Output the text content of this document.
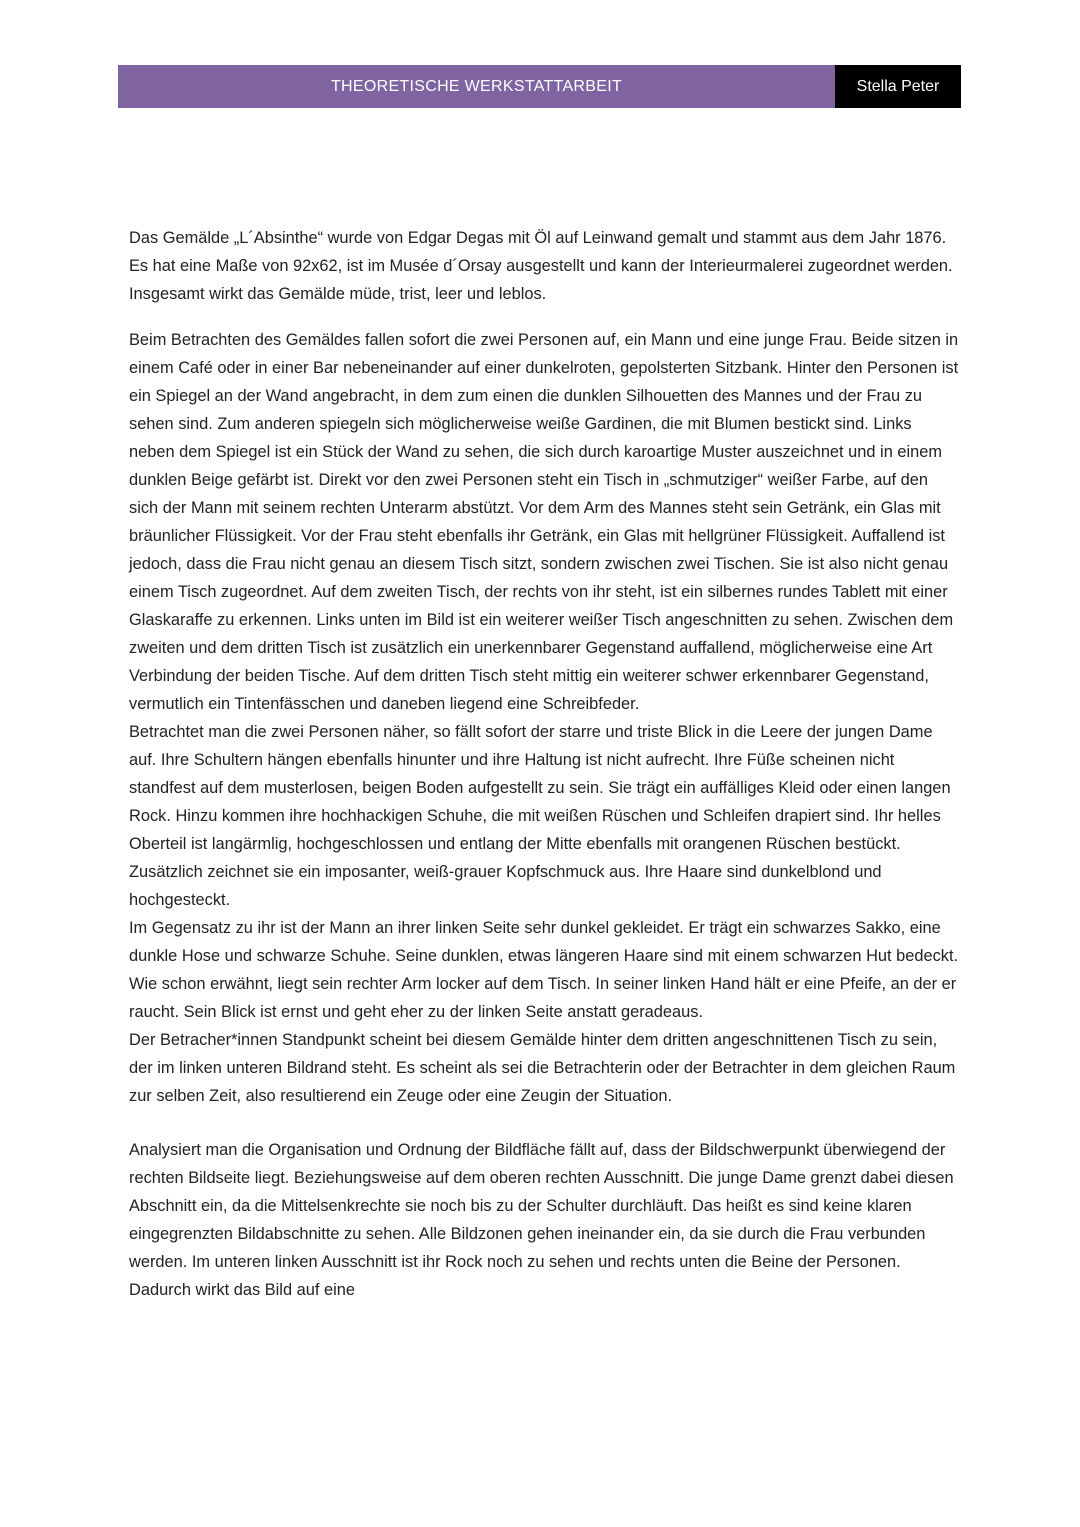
THEORETISCHE WERKSTATTARBEIT	Stella Peter

Das Gemälde „L´Absinthe“ wurde von Edgar Degas mit Öl auf Leinwand gemalt und stammt aus dem Jahr 1876. Es hat eine Maße von 92x62, ist im Musée d´Orsay ausgestellt und kann der Interieurmalerei zugeordnet werden. Insgesamt wirkt das Gemälde müde, trist, leer und leblos.

Beim Betrachten des Gemäldes fallen sofort die zwei Personen auf, ein Mann und eine junge Frau. Beide sitzen in einem Café oder in einer Bar nebeneinander auf einer dunkelroten, gepolsterten Sitzbank. Hinter den Personen ist ein Spiegel an der Wand angebracht, in dem zum einen die dunklen Silhouetten des Mannes und der Frau zu sehen sind. Zum anderen spiegeln sich möglicherweise weiße Gardinen, die mit Blumen bestickt sind. Links neben dem Spiegel ist ein Stück der Wand zu sehen, die sich durch karoartige Muster auszeichnet und in einem dunklen Beige gefärbt ist. Direkt vor den zwei Personen steht ein Tisch in „schmutziger“ weißer Farbe, auf den sich der Mann mit seinem rechten Unterarm abstützt. Vor dem Arm des Mannes steht sein Getränk, ein Glas mit bräunlicher Flüssigkeit. Vor der Frau steht ebenfalls ihr Getränk, ein Glas mit hellgrüner Flüssigkeit. Auffallend ist jedoch, dass die Frau nicht genau an diesem Tisch sitzt, sondern zwischen zwei Tischen. Sie ist also nicht genau einem Tisch zugeordnet. Auf dem zweiten Tisch, der rechts von ihr steht, ist ein silbernes rundes Tablett mit einer Glaskaraffe zu erkennen. Links unten im Bild ist ein weiterer weißer Tisch angeschnitten zu sehen. Zwischen dem zweiten und dem dritten Tisch ist zusätzlich ein unerkennbarer Gegenstand auffallend, möglicherweise eine Art Verbindung der beiden Tische. Auf dem dritten Tisch steht mittig ein weiterer schwer erkennbarer Gegenstand, vermutlich ein Tintenfässchen und daneben liegend eine Schreibfeder.

Betrachtet man die zwei Personen näher, so fällt sofort der starre und triste Blick in die Leere der jungen Dame auf. Ihre Schultern hängen ebenfalls hinunter und ihre Haltung ist nicht aufrecht. Ihre Füße scheinen nicht standfest auf dem musterlosen, beigen Boden aufgestellt zu sein. Sie trägt ein auffälliges Kleid oder einen langen Rock. Hinzu kommen ihre hochhackigen Schuhe, die mit weißen Rüschen und Schleifen drapiert sind. Ihr helles Oberteil ist langärmlig, hochgeschlossen und entlang der Mitte ebenfalls mit orangenen Rüschen bestückt. Zusätzlich zeichnet sie ein imposanter, weiß-grauer Kopfschmuck aus. Ihre Haare sind dunkelblond und hochgesteckt.

Im Gegensatz zu ihr ist der Mann an ihrer linken Seite sehr dunkel gekleidet. Er trägt ein schwarzes Sakko, eine dunkle Hose und schwarze Schuhe. Seine dunklen, etwas längeren Haare sind mit einem schwarzen Hut bedeckt. Wie schon erwähnt, liegt sein rechter Arm locker auf dem Tisch. In seiner linken Hand hält er eine Pfeife, an der er raucht. Sein Blick ist ernst und geht eher zu der linken Seite anstatt geradeaus.

Der Betracher*innen Standpunkt scheint bei diesem Gemälde hinter dem dritten angeschnittenen Tisch zu sein, der im linken unteren Bildrand steht. Es scheint als sei die Betrachterin oder der Betrachter in dem gleichen Raum zur selben Zeit, also resultierend ein Zeuge oder eine Zeugin der Situation.

Analysiert man die Organisation und Ordnung der Bildfläche fällt auf, dass der Bildschwerpunkt überwiegend der rechten Bildseite liegt. Beziehungsweise auf dem oberen rechten Ausschnitt. Die junge Dame grenzt dabei diesen Abschnitt ein, da die Mittelsenkrechte sie noch bis zu der Schulter durchläuft. Das heißt es sind keine klaren eingegrenzten Bildabschnitte zu sehen. Alle Bildzonen gehen ineinander ein, da sie durch die Frau verbunden werden. Im unteren linken Ausschnitt ist ihr Rock noch zu sehen und rechts unten die Beine der Personen. Dadurch wirkt das Bild auf eine
